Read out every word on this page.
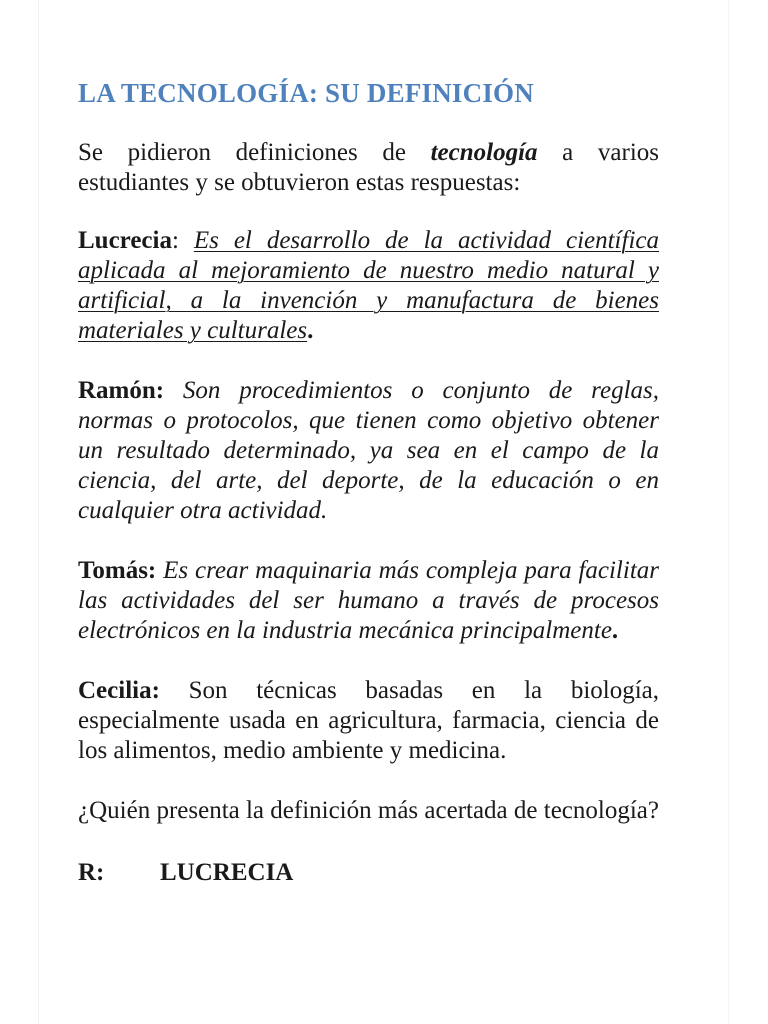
LA TECNOLOGÍA: SU DEFINICIÓN

Se pidieron definiciones de tecnología a varios estudiantes y se obtuvieron estas respuestas:

Lucrecia: Es el desarrollo de la actividad científica aplicada al mejoramiento de nuestro medio natural y artificial, a la invención y manufactura de bienes materiales y culturales.

Ramón: Son procedimientos o conjunto de reglas, normas o protocolos, que tienen como objetivo obtener un resultado determinado, ya sea en el campo de la ciencia, del arte, del deporte, de la educación o en cualquier otra actividad.

Tomás: Es crear maquinaria más compleja para facilitar las actividades del ser humano a través de procesos electrónicos en la industria mecánica principalmente.

Cecilia: Son técnicas basadas en la biología, especialmente usada en agricultura, farmacia, ciencia de los alimentos, medio ambiente y medicina.

¿Quién presenta la definición más acertada de tecnología?

R:	LUCRECIA
